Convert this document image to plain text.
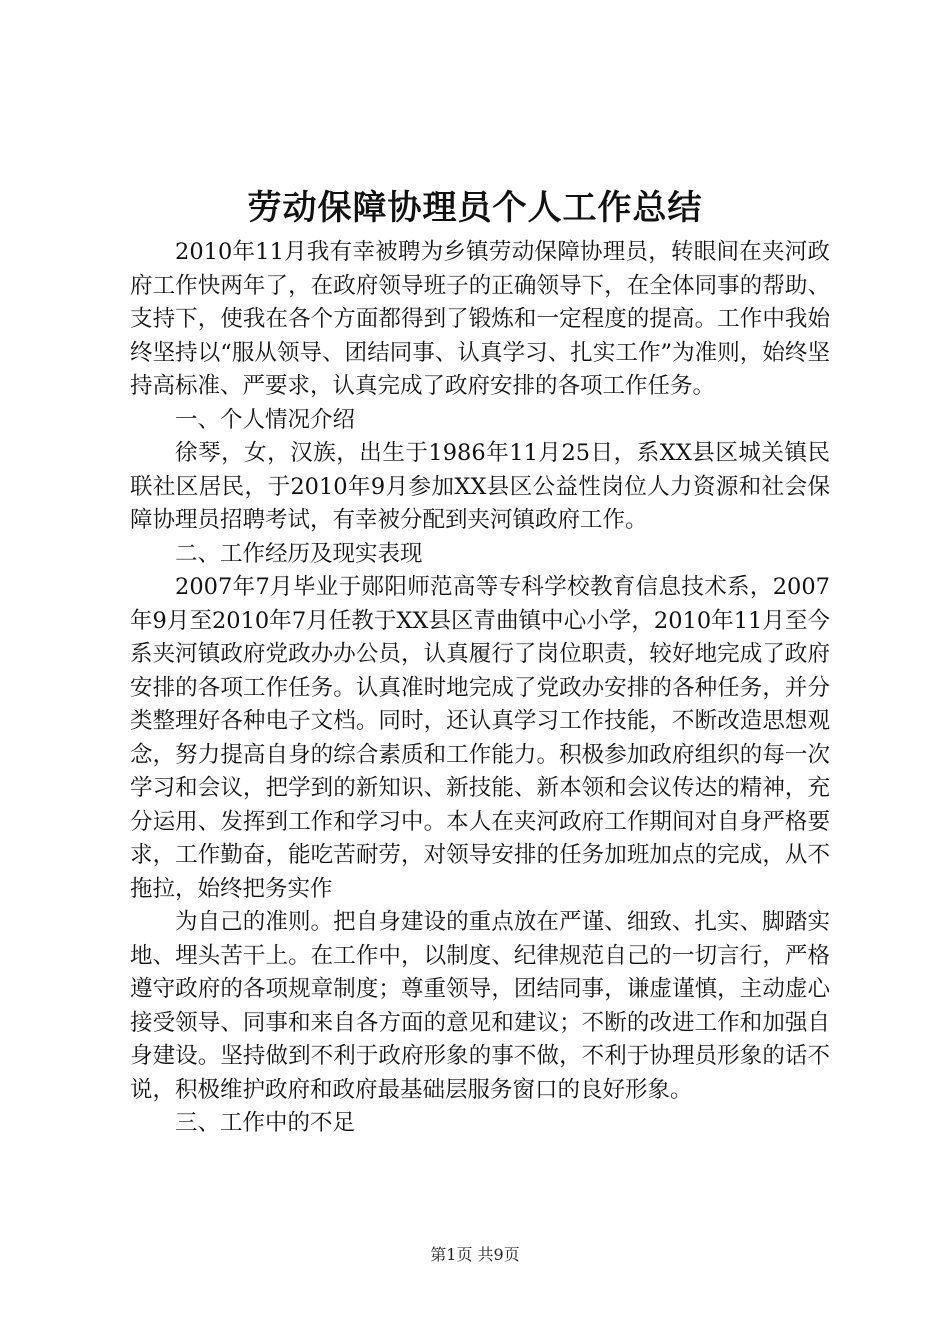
劳动保障协理员个人工作总结

2010年11月我有幸被聘为乡镇劳动保障协理员，转眼间在夹河政府工作快两年了，在政府领导班子的正确领导下，在全体同事的帮助、支持下，使我在各个方面都得到了锻炼和一定程度的提高。工作中我始终坚持以“服从领导、团结同事、认真学习、扎实工作”为准则，始终坚持高标准、严要求，认真完成了政府安排的各项工作任务。

一、个人情况介绍

徐琴，女，汉族，出生于1986年11月25日，系XX县区城关镇民联社区居民，于2010年9月参加XX县区公益性岗位人力资源和社会保障协理员招聘考试，有幸被分配到夹河镇政府工作。

二、工作经历及现实表现

2007年7月毕业于郧阳师范高等专科学校教育信息技术系，2007年9月至2010年7月任教于XX县区青曲镇中心小学，2010年11月至今系夹河镇政府党政办办公员，认真履行了岗位职责，较好地完成了政府安排的各项工作任务。认真准时地完成了党政办安排的各种任务，并分类整理好各种电子文档。同时，还认真学习工作技能，不断改造思想观念，努力提高自身的综合素质和工作能力。积极参加政府组织的每一次学习和会议，把学到的新知识、新技能、新本领和会议传达的精神，充分运用、发挥到工作和学习中。本人在夹河政府工作期间对自身严格要求，工作勤奋，能吃苦耐劳，对领导安排的任务加班加点的完成，从不拖拉，始终把务实作

为自己的准则。把自身建设的重点放在严谨、细致、扎实、脚踏实地、埋头苦干上。在工作中，以制度、纪律规范自己的一切言行，严格遵守政府的各项规章制度；尊重领导，团结同事，谦虚谨慎，主动虚心接受领导、同事和来自各方面的意见和建议；不断的改进工作和加强自身建设。坚持做到不利于政府形象的事不做，不利于协理员形象的话不说，积极维护政府和政府最基础层服务窗口的良好形象。

三、工作中的不足

第1页 共9页
